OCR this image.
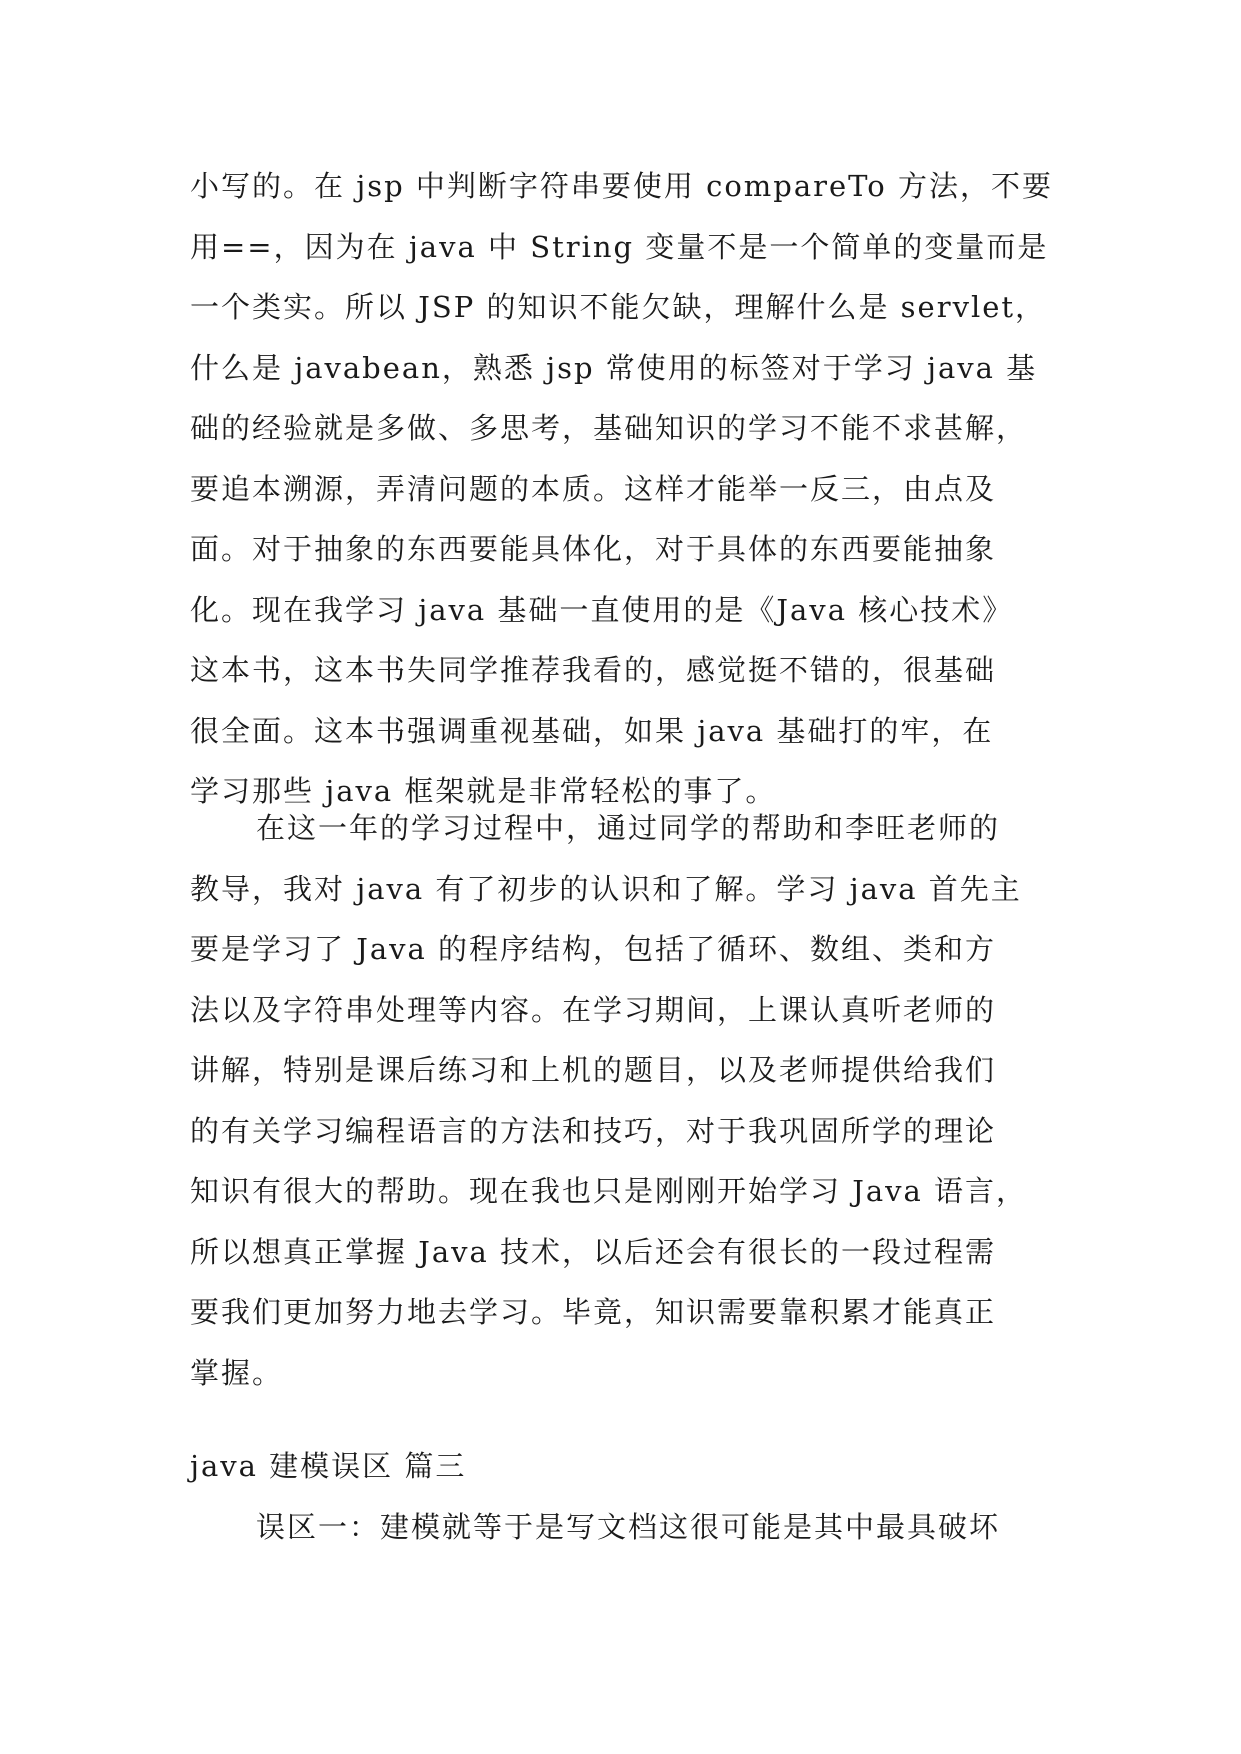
小写的。在 jsp 中判断字符串要使用 compareTo 方法，不要
用==，因为在 java 中 String 变量不是一个简单的变量而是
一个类实。所以 JSP 的知识不能欠缺，理解什么是 servlet，
什么是 javabean，熟悉 jsp 常使用的标签对于学习 java 基
础的经验就是多做、多思考，基础知识的学习不能不求甚解，
要追本溯源，弄清问题的本质。这样才能举一反三，由点及
面。对于抽象的东西要能具体化，对于具体的东西要能抽象
化。现在我学习 java 基础一直使用的是《Java 核心技术》
这本书，这本书失同学推荐我看的，感觉挺不错的，很基础
很全面。这本书强调重视基础，如果 java 基础打的牢，在
学习那些 java 框架就是非常轻松的事了。
在这一年的学习过程中，通过同学的帮助和李旺老师的
教导，我对 java 有了初步的认识和了解。学习 java 首先主
要是学习了 Java 的程序结构，包括了循环、数组、类和方
法以及字符串处理等内容。在学习期间，上课认真听老师的
讲解，特别是课后练习和上机的题目，以及老师提供给我们
的有关学习编程语言的方法和技巧，对于我巩固所学的理论
知识有很大的帮助。现在我也只是刚刚开始学习 Java 语言，
所以想真正掌握 Java 技术，以后还会有很长的一段过程需
要我们更加努力地去学习。毕竟，知识需要靠积累才能真正
掌握。
java 建模误区 篇三
误区一：建模就等于是写文档这很可能是其中最具破坏
